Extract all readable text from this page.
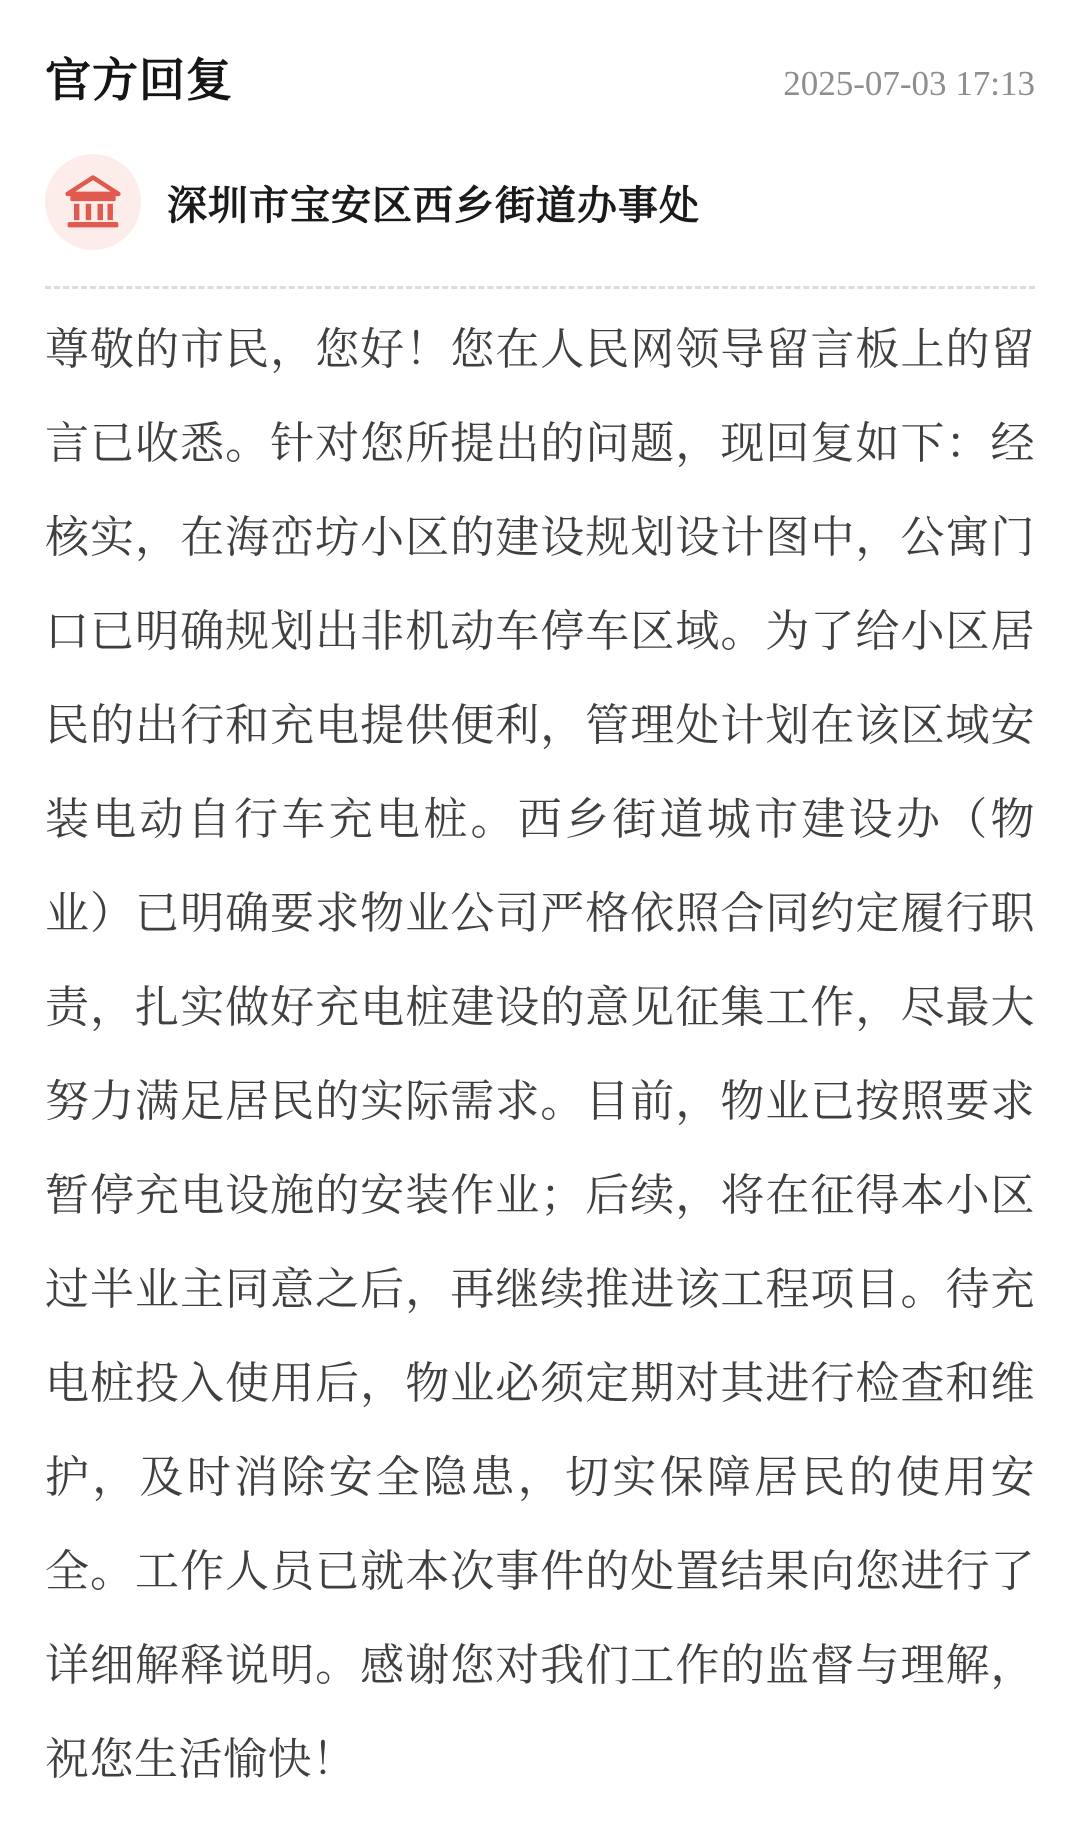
官方回复	2025-07-03 17:13
深圳市宝安区西乡街道办事处
尊敬的市民，您好！您在人民网领导留言板上的留言已收悉。针对您所提出的问题，现回复如下：经核实，在海峦坊小区的建设规划设计图中，公寓门口已明确规划出非机动车停车区域。为了给小区居民的出行和充电提供便利，管理处计划在该区域安装电动自行车充电桩。西乡街道城市建设办（物业）已明确要求物业公司严格依照合同约定履行职责，扎实做好充电桩建设的意见征集工作，尽最大努力满足居民的实际需求。目前，物业已按照要求暂停充电设施的安装作业；后续，将在征得本小区过半业主同意之后，再继续推进该工程项目。待充电桩投入使用后，物业必须定期对其进行检查和维护，及时消除安全隐患，切实保障居民的使用安全。工作人员已就本次事件的处置结果向您进行了详细解释说明。感谢您对我们工作的监督与理解，祝您生活愉快！
